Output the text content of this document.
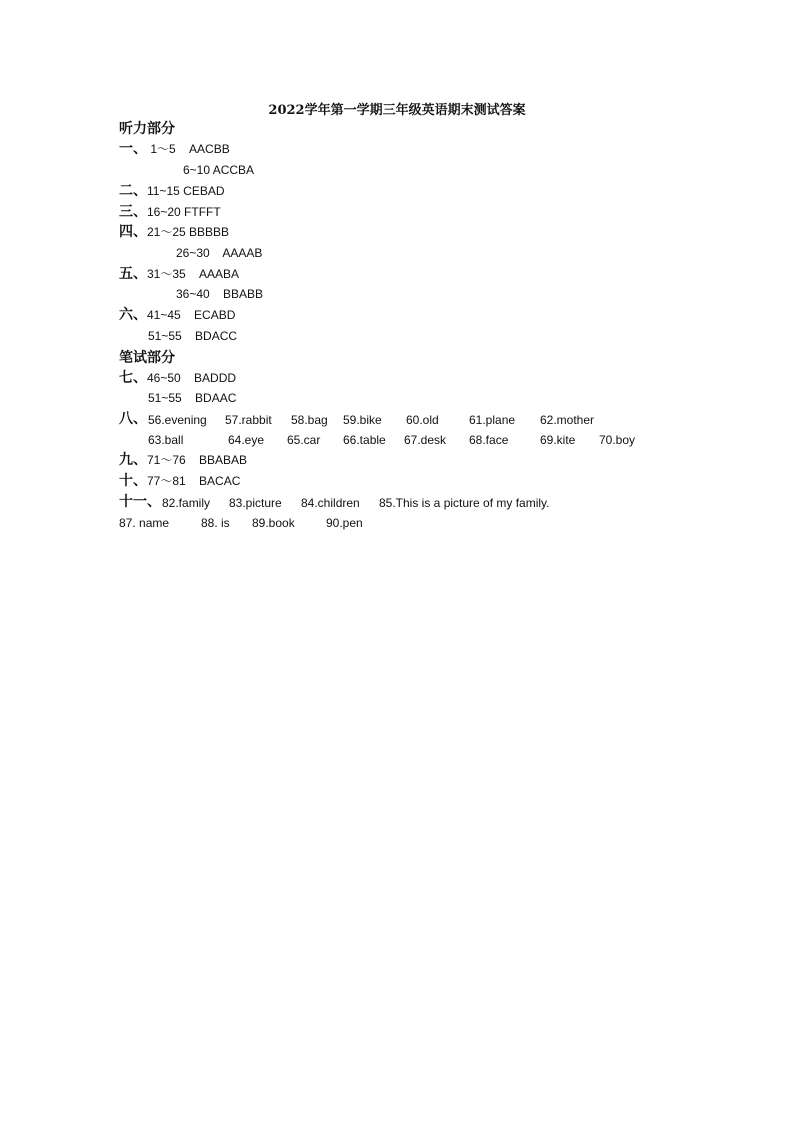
2022学年第一学期三年级英语期末测试答案
听力部分
一、 1～5    AACBB
6~10 ACCBA
二、11~15 CEBAD
三、16~20 FTFFT
四、21～25 BBBBB
26~30    AAAAB
五、31～35    AAABA
36~40    BBABB
六、41~45    ECABD
51~55    BDACC
笔试部分
七、46~50    BADDD
51~55    BDAAC
八、 56.evening 57.rabbit 58.bag 59.bike 60.old	61.plane 62.mother
63.ball	64.eye 65.car 66.table 67.desk 68.face	69.kite 70.boy
九、71～76    BBABAB
十、77～81    BACAC
十一、 82.family 83.picture 84.children 85.This is a picture of my family.
87. name	88. is 89.book	90.pen
